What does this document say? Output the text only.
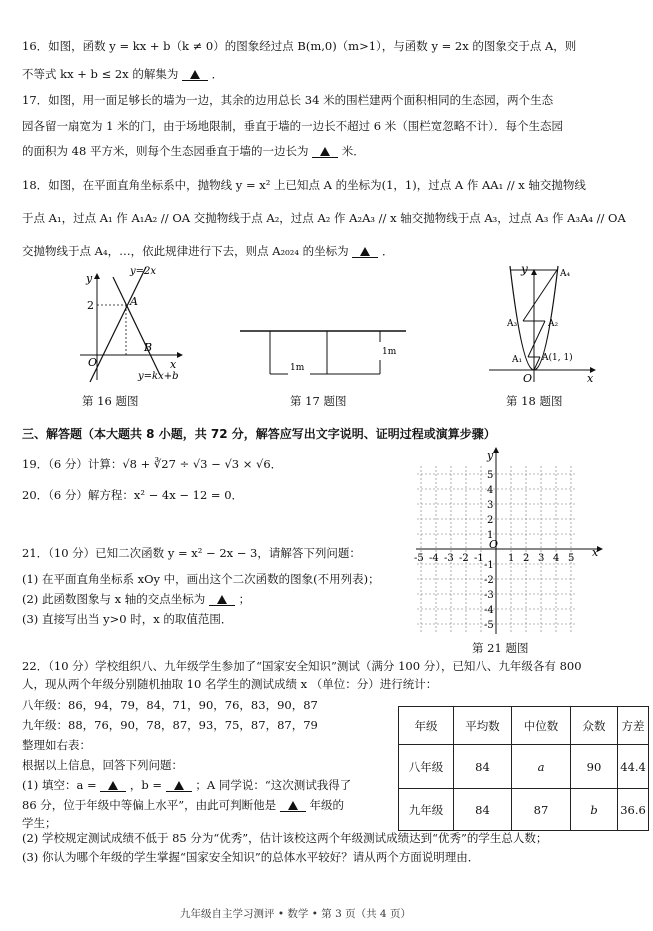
16．如图，函数 y = kx + b（k ≠ 0）的图象经过点 B(m,0)（m>1），与函数 y = 2x 的图象交于点 A，则
不等式 kx + b ≤ 2x 的解集为	．
17．如图，用一面足够长的墙为一边，其余的边用总长 34 米的围栏建两个面积相同的生态园，两个生态
园各留一扇宽为 1 米的门，由于场地限制，垂直于墙的一边长不超过 6 米（围栏宽忽略不计）．每个生态园
的面积为 48 平方米，则每个生态园垂直于墙的一边长为	米．
18．如图，在平面直角坐标系中，抛物线 y = x² 上已知点 A 的坐标为(1，1)，过点 A 作 AA₁ // x 轴交抛物线
于点 A₁，过点 A₁ 作 A₁A₂ // OA 交抛物线于点 A₂，过点 A₂ 作 A₂A₃ // x 轴交抛物线于点 A₃，过点 A₃ 作 A₃A₄ // OA
交抛物线于点 A₄，…，依此规律进行下去，则点 A₂₀₂₄ 的坐标为	．
y
x
O
2	A
B
y=2x
y=kx+b
第 16 题图
1m
1m
第 17 题图
y
x
O
A(1, 1)
A₁
A₂
A₃
A₄
第 18 题图
三、解答题（本大题共 8 小题，共 72 分，解答应写出文字说明、证明过程或演算步骤）
19．（6 分）计算：√8 + ∛27 ÷ √3 − √3 × √6．
20．（6 分）解方程：x² − 4x − 12 = 0．
-5 -4 -3 -2 -1 1 2 3 4 5
5
4
3
2
1
-1
-2
-3
-4
-5
y
x
O
第 21 题图
21．（10 分）已知二次函数 y = x² − 2x − 3，请解答下列问题：
(1) 在平面直角坐标系 xOy 中，画出这个二次函数的图象(不用列表)；
(2) 此函数图象与 x 轴的交点坐标为	；
(3) 直接写出当 y>0 时，x 的取值范围．
22．（10 分）学校组织八、九年级学生参加了“国家安全知识”测试（满分 100 分），已知八、九年级各有 800
人，现从两个年级分别随机抽取 10 名学生的测试成绩 x （单位：分）进行统计：
八年级：86，94，79，84，71，90，76，83，90，87
九年级：88，76，90，78，87，93，75，87，87，79
整理如右表：
根据以上信息，回答下列问题：
(1) 填空：a =	，b =	；A 同学说：“这次测试我得了
86 分，位于年级中等偏上水平”，由此可判断他是	年级的
学生；
(2) 学校规定测试成绩不低于 85 分为“优秀”，估计该校这两个年级测试成绩达到“优秀”的学生总人数；
(3) 你认为哪个年级的学生掌握“国家安全知识”的总体水平较好？请从两个方面说明理由．
年级	平均数	中位数	众数	方差
八年级	84	a	90	44.4
九年级	84	87	b	36.6
九年级自主学习测评 • 数学 • 第 3 页（共 4 页）
